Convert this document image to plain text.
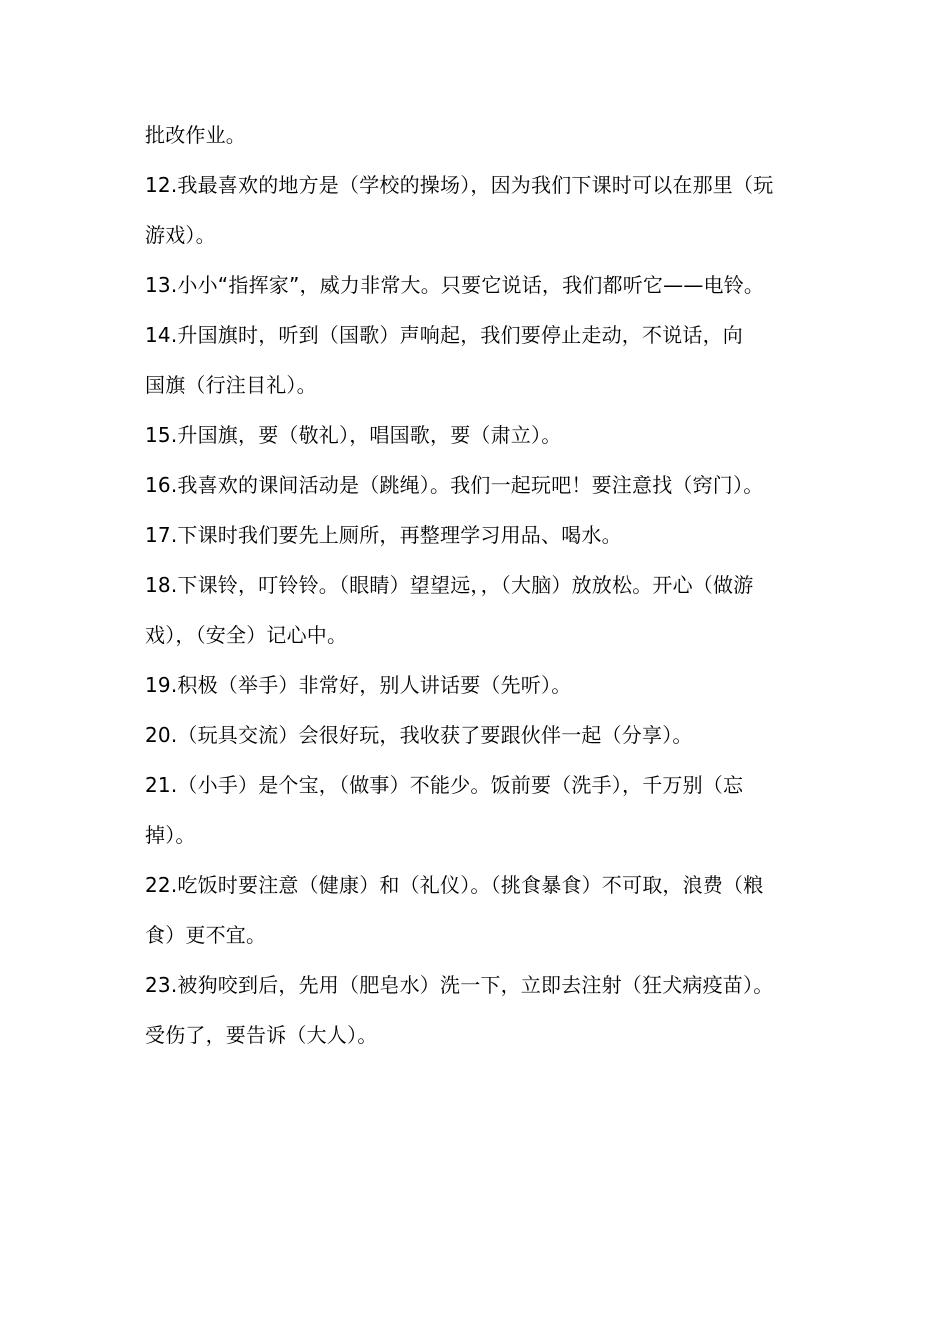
批改作业。
12.我最喜欢的地方是（学校的操场），因为我们下课时可以在那里（玩
游戏）。
13.小小“指挥家”，威力非常大。只要它说话，我们都听它——电铃。
14.升国旗时，听到（国歌）声响起，我们要停止走动，不说话，向
国旗（行注目礼）。
15.升国旗，要（敬礼），唱国歌，要（肃立）。
16.我喜欢的课间活动是（跳绳）。我们一起玩吧！要注意找（窍门）。
17.下课时我们要先上厕所，再整理学习用品、喝水。
18.下课铃，叮铃铃。（眼睛）望望远，，（大脑）放放松。开心（做游
戏），（安全）记心中。
19.积极（举手）非常好，别人讲话要（先听）。
20.（玩具交流）会很好玩，我收获了要跟伙伴一起（分享）。
21.（小手）是个宝，（做事）不能少。饭前要（洗手），千万别（忘
掉）。
22.吃饭时要注意（健康）和（礼仪）。（挑食暴食）不可取，浪费（粮
食）更不宜。
23.被狗咬到后，先用（肥皂水）洗一下，立即去注射（狂犬病疫苗）。
受伤了，要告诉（大人）。
